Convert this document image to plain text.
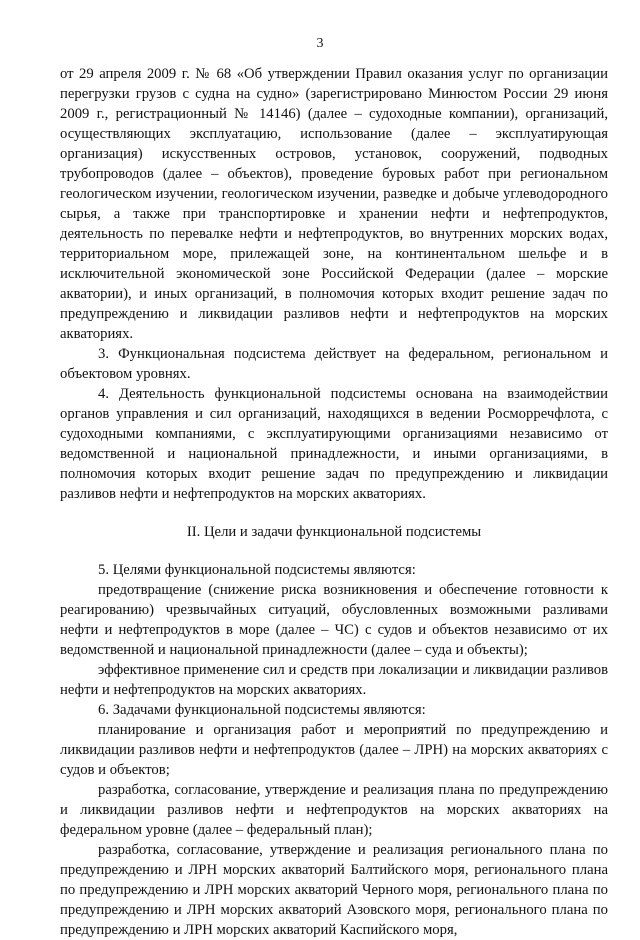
3

от 29 апреля 2009 г. № 68 «Об утверждении Правил оказания услуг по организации перегрузки грузов с судна на судно» (зарегистрировано Минюстом России 29 июня 2009 г., регистрационный № 14146) (далее – судоходные компании), организаций, осуществляющих эксплуатацию, использование (далее – эксплуатирующая организация) искусственных островов, установок, сооружений, подводных трубопроводов (далее – объектов), проведение буровых работ при региональном геологическом изучении, геологическом изучении, разведке и добыче углеводородного сырья, а также при транспортировке и хранении нефти и нефтепродуктов, деятельность по перевалке нефти и нефтепродуктов, во внутренних морских водах, территориальном море, прилежащей зоне, на континентальном шельфе и в исключительной экономической зоне Российской Федерации (далее – морские акватории), и иных организаций, в полномочия которых входит решение задач по предупреждению и ликвидации разливов нефти и нефтепродуктов на морских акваториях.

3. Функциональная подсистема действует на федеральном, региональном и объектовом уровнях.

4. Деятельность функциональной подсистемы основана на взаимодействии органов управления и сил организаций, находящихся в ведении Росморречфлота, с судоходными компаниями, с эксплуатирующими организациями независимо от ведомственной и национальной принадлежности, и иными организациями, в полномочия которых входит решение задач по предупреждению и ликвидации разливов нефти и нефтепродуктов на морских акваториях.

II. Цели и задачи функциональной подсистемы

5. Целями функциональной подсистемы являются:

предотвращение (снижение риска возникновения и обеспечение готовности к реагированию) чрезвычайных ситуаций, обусловленных возможными разливами нефти и нефтепродуктов в море (далее – ЧС) с судов и объектов независимо от их ведомственной и национальной принадлежности (далее – суда и объекты);

эффективное применение сил и средств при локализации и ликвидации разливов нефти и нефтепродуктов на морских акваториях.

6. Задачами функциональной подсистемы являются:

планирование и организация работ и мероприятий по предупреждению и ликвидации разливов нефти и нефтепродуктов (далее – ЛРН) на морских акваториях с судов и объектов;

разработка, согласование, утверждение и реализация плана по предупреждению и ликвидации разливов нефти и нефтепродуктов на морских акваториях на федеральном уровне (далее – федеральный план);

разработка, согласование, утверждение и реализация регионального плана по предупреждению и ЛРН морских акваторий Балтийского моря, регионального плана по предупреждению и ЛРН морских акваторий Черного моря, регионального плана по предупреждению и ЛРН морских акваторий Азовского моря, регионального плана по предупреждению и ЛРН морских акваторий Каспийского моря,
